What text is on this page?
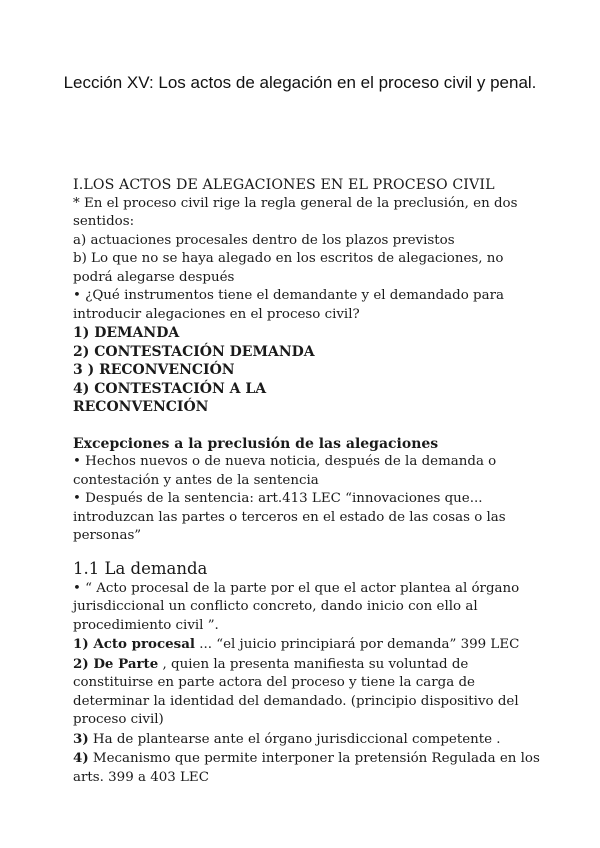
Lección XV: Los actos de alegación en el proceso civil y penal.

I.LOS ACTOS DE ALEGACIONES EN EL PROCESO CIVIL

* En el proceso civil rige la regla general de la preclusión, en dos sentidos:

a) actuaciones procesales dentro de los plazos previstos

b) Lo que no se haya alegado en los escritos de alegaciones, no podrá alegarse después

• ¿Qué instrumentos tiene el demandante y el demandado para introducir alegaciones en el proceso civil?

1) DEMANDA

2) CONTESTACIÓN DEMANDA

3 ) RECONVENCIÓN

4) CONTESTACIÓN A LA RECONVENCIÓN

Excepciones a la preclusión de las alegaciones

• Hechos nuevos o de nueva noticia, después de la demanda o contestación y antes de la sentencia

• Después de la sentencia: art.413 LEC “innovaciones que... introduzcan las partes o terceros en el estado de las cosas o las personas”

1.1 La demanda

• “ Acto procesal de la parte por el que el actor plantea al órgano jurisdiccional un conflicto concreto, dando inicio con ello al procedimiento civil ”.

1) Acto procesal ... “el juicio principiará por demanda” 399 LEC

2) De Parte , quien la presenta manifiesta su voluntad de constituirse en parte actora del proceso y tiene la carga de determinar la identidad del demandado. (principio dispositivo del proceso civil)

3) Ha de plantearse ante el órgano jurisdiccional competente .

4) Mecanismo que permite interponer la pretensión Regulada en los arts. 399 a 403 LEC
